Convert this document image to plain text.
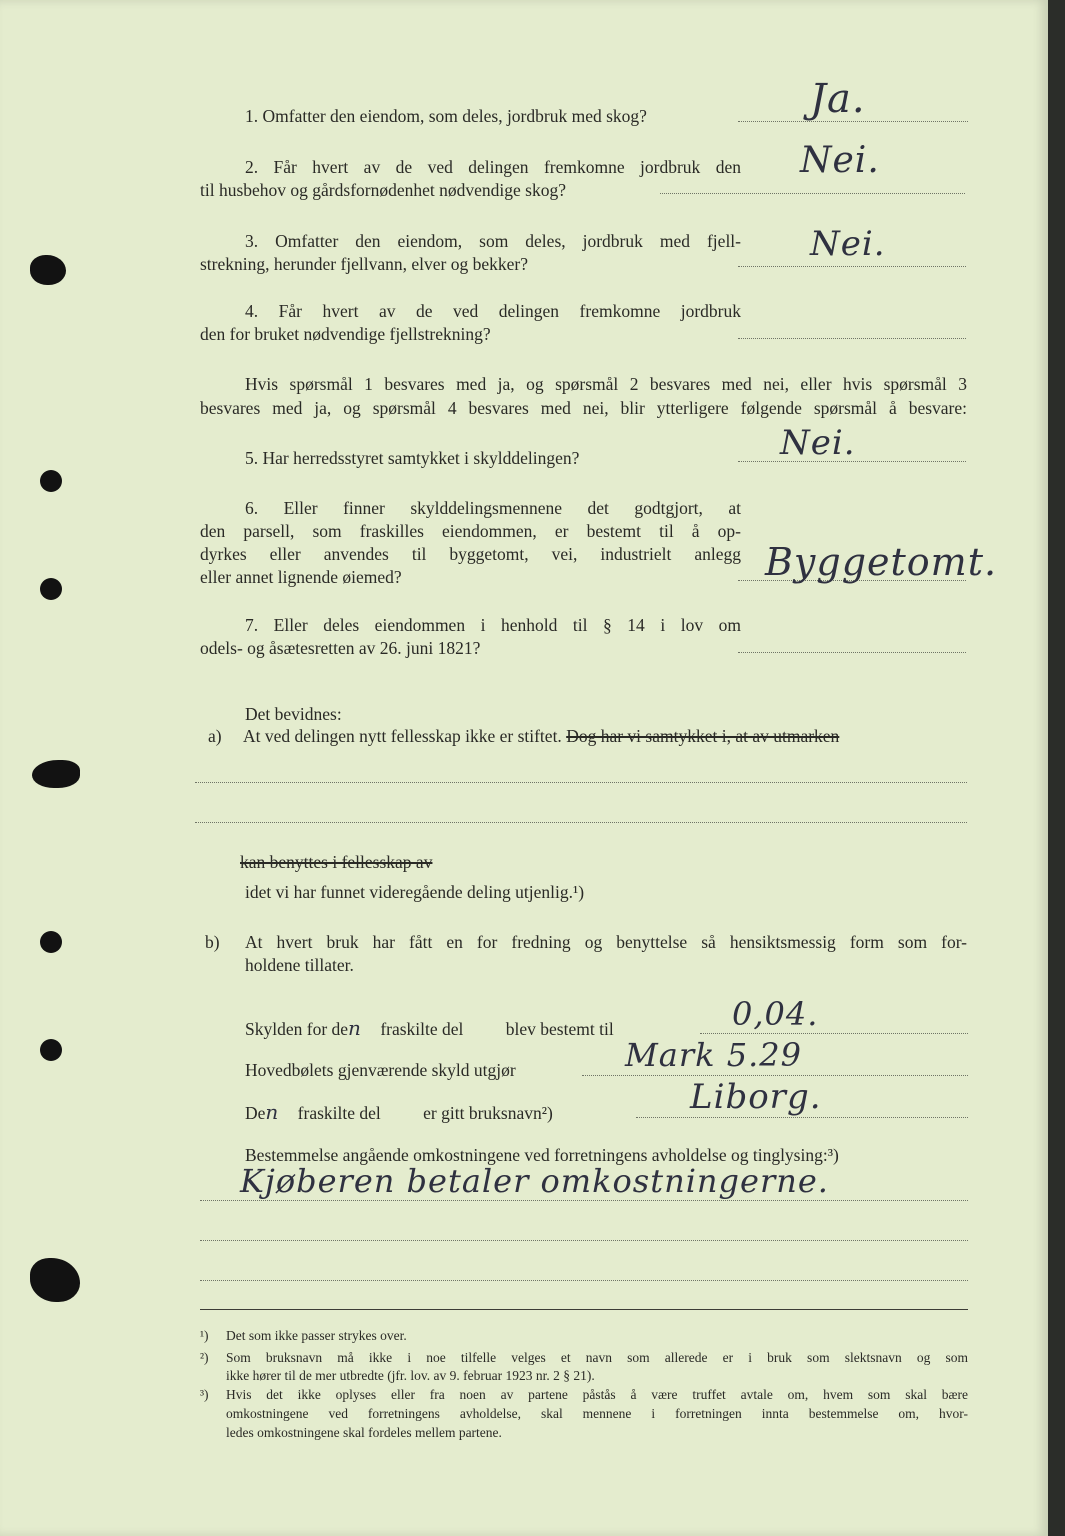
1. Omfatter den eiendom, som deles, jordbruk med skog?	Ja.
2. Får hvert av de ved delingen fremkomne jordbruk den
til husbehov og gårdsfornødenhet nødvendige skog?
Nei.
3. Omfatter den eiendom, som deles, jordbruk med fjell-
strekning, herunder fjellvann, elver og bekker?	Nei.
4. Får hvert av de ved delingen fremkomne jordbruk
den for bruket nødvendige fjellstrekning?
Hvis spørsmål 1 besvares med ja, og spørsmål 2 besvares med nei, eller hvis spørsmål 3
besvares med ja, og spørsmål 4 besvares med nei, blir ytterligere følgende spørsmål å besvare:
5. Har herredsstyret samtykket i skylddelingen?	Nei.
6. Eller finner skylddelingsmennene det godtgjort, at
den parsell, som fraskilles eiendommen, er bestemt til å op-
dyrkes eller anvendes til byggetomt, vei, industrielt anlegg
eller annet lignende øiemed?	Byggetomt.
7. Eller deles eiendommen i henhold til § 14 i lov om
odels- og åsætesretten av 26. juni 1821?
Det bevidnes:
a) At ved delingen nytt fellesskap ikke er stiftet. Dog har vi samtykket i, at av utmarken
kan benyttes i fellesskap av
idet vi har funnet videregående deling utjenlig.¹)
b) At hvert bruk har fått en for fredning og benyttelse så hensiktsmessig form som for-
holdene tillater.
Skylden for den fraskilte del blev bestemt til	0,04.
Hovedbølets gjenværende skyld utgjør	Mark 5.29
Den fraskilte del er gitt bruksnavn²)	Liborg.
Bestemmelse angående omkostningene ved forretningens avholdelse og tinglysing:³)
Kjøberen betaler omkostningerne.
¹) Det som ikke passer strykes over.
²) Som bruksnavn må ikke i noe tilfelle velges et navn som allerede er i bruk som slektsnavn og som
ikke hører til de mer utbredte (jfr. lov. av 9. februar 1923 nr. 2 § 21).
³) Hvis det ikke oplyses eller fra noen av partene påstås å være truffet avtale om, hvem som skal bære
omkostningene ved forretningens avholdelse, skal mennene i forretningen innta bestemmelse om, hvor-
ledes omkostningene skal fordeles mellem partene.
